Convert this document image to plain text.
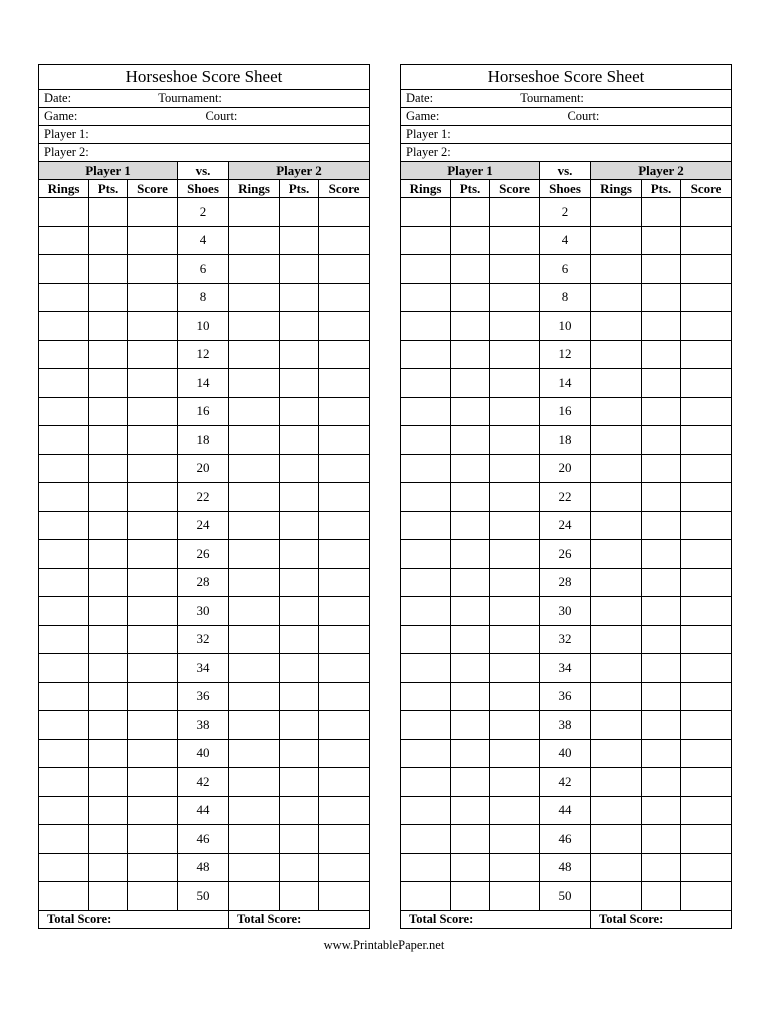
Horseshoe Score Sheet						
Date: Tournament:						
Game: Court:						
Player 1:						
Player 2:						
Player 1			vs.	Player 2		
Rings	Pts.	Score	Shoes	Rings	Pts.	Score
			2			
			4			
			6			
			8			
			10			
			12			
			14			
			16			
			18			
			20			
			22			
			24			
			26			
			28			
			30			
			32			
			34			
			36			
			38			
			40			
			42			
			44			
			46			
			48			
			50			
Total Score:				Total Score:		
Horseshoe Score Sheet						
Date: Tournament:						
Game: Court:						
Player 1:						
Player 2:						
Player 1			vs.	Player 2		
Rings	Pts.	Score	Shoes	Rings	Pts.	Score
			2			
			4			
			6			
			8			
			10			
			12			
			14			
			16			
			18			
			20			
			22			
			24			
			26			
			28			
			30			
			32			
			34			
			36			
			38			
			40			
			42			
			44			
			46			
			48			
			50			
Total Score:				Total Score:		
www.PrintablePaper.net
